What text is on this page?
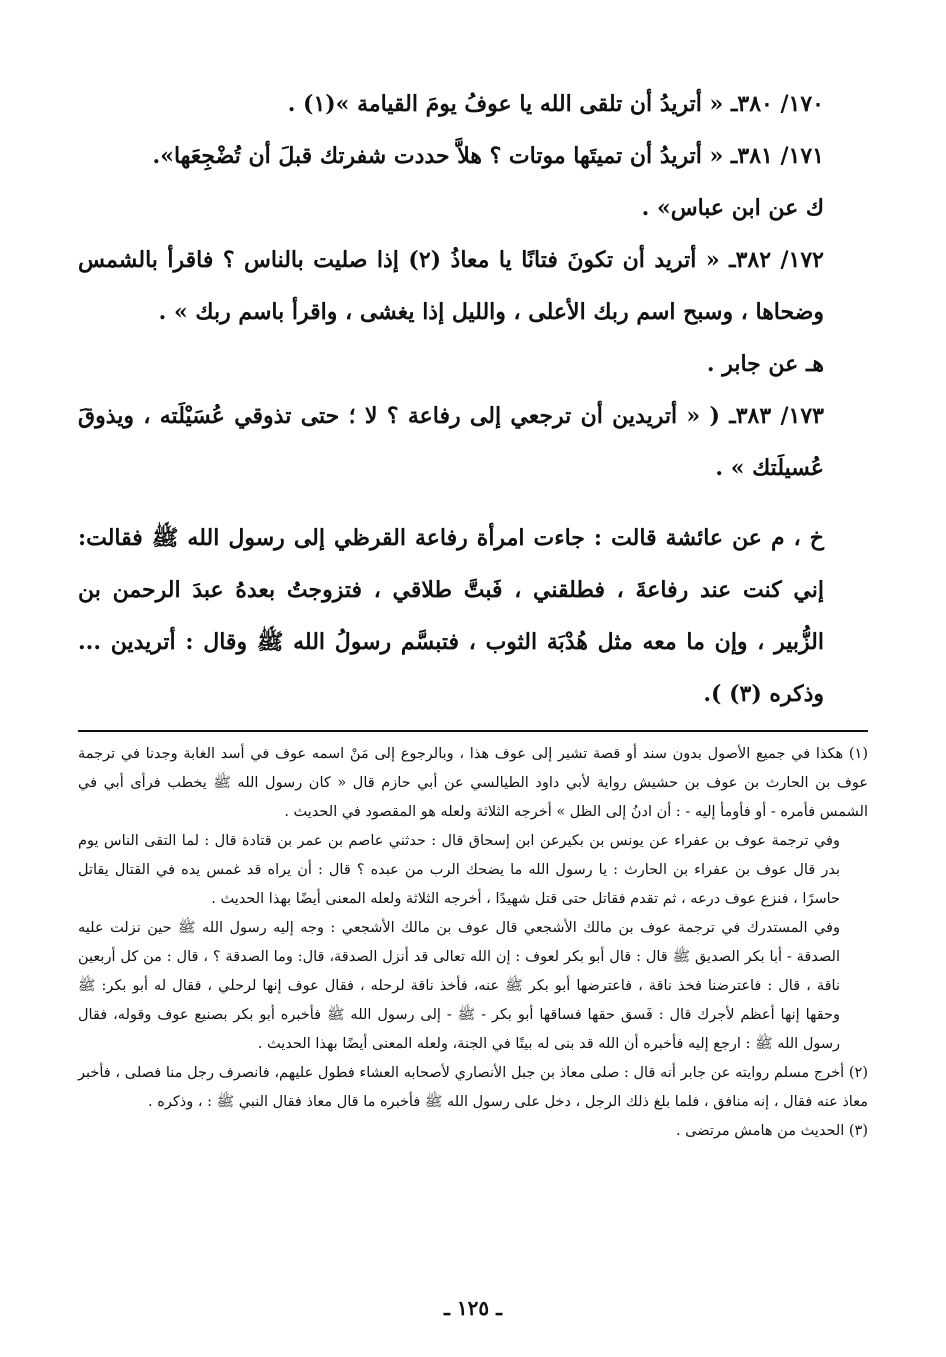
١٧٠/ ٣٨٠ـ « أتريدُ أن تلقى الله يا عوفُ يومَ القيامة »(١) .

١٧١/ ٣٨١ـ « أتريدُ أن تميتَها موتات ؟ هلاَّ حددت شفرتك قبلَ أن تُضْجِعَها».

ك عن ابن عباس» .

١٧٢/ ٣٨٢ـ « أتريد أن تكونَ فتانًا يا معاذُ (٢) إذا صليت بالناس ؟ فاقرأ بالشمس وضحاها ، وسبح اسم ربك الأعلى ، والليل إذا يغشى ، واقرأ باسم ربك » .

هـ عن جابر .

١٧٣/ ٣٨٣ـ ( « أتريدين أن ترجعي إلى رفاعة ؟ لا ؛ حتى تذوقي عُسَيْلَته ، ويذوقَ عُسيلَتك » .

خ ، م عن عائشة قالت : جاءت امرأة رفاعة القرظي إلى رسول الله ﷺ فقالت: إني كنت عند رفاعةَ ، فطلقني ، فَبتَّ طلاقي ، فتزوجتُ بعدهُ عبدَ الرحمن بن الزُّبير ، وإن ما معه مثل هُدْبَة الثوب ، فتبسَّم رسولُ الله ﷺ وقال : أتريدين ... وذكره (٣) ).

(١) هكذا في جميع الأصول بدون سند أو قصة تشير إلى عوف هذا ، وبالرجوع إلى مَنْ اسمه عوف في أسد الغابة وجدنا في ترجمة عوف بن الحارث بن عوف بن حشيش رواية لأبي داود الطيالسي عن أبي حازم قال « كان رسول الله ﷺ يخطب فرأى أبي في الشمس فأمره - أو فأومأ إليه - : أن ادنُ إلى الظل » أخرجه الثلاثة ولعله هو المقصود في الحديث .

وفي ترجمة عوف بن عفراء عن يونس بن بكيرعن ابن إسحاق قال : حدثني عاصم بن عمر بن قتادة قال : لما التقى الناس يوم بدر قال عوف بن عفراء بن الحارث : يا رسول الله ما يضحك الرب من عبده ؟ قال : أن يراه قد غمس يده في القتال يقاتل حاسرًا ، فنزع عوف درعه ، ثم تقدم فقاتل حتى قتل شهيدًا ، أخرجه الثلاثة ولعله المعنى أيضًا بهذا الحديث .

وفي المستدرك في ترجمة عوف بن مالك الأشجعي قال عوف بن مالك الأشجعي : وجه إليه رسول الله ﷺ حين نزلت عليه الصدقة - أبا بكر الصديق ﷺ قال : قال أبو بكر لعوف : إن الله تعالى قد أنزل الصدقة، قال: وما الصدقة ؟ ، قال : من كل أربعين ناقة ، قال : فاعترضنا فخذ ناقة ، فاعترضها أبو بكر ﷺ عنه، فأخذ ناقة لرحله ، فقال عوف إنها لرحلي ، فقال له أبو بكر: ﷺ وحقها إنها أعظم لأجرك قال : فَسق حقها فساقها أبو بكر - ﷺ - إلى رسول الله ﷺ فأخبره أبو بكر بصنيع عوف وقوله، فقال رسول الله ﷺ : ارجع إليه فأخبره أن الله قد بنى له بيتًا في الجنة، ولعله المعنى أيضًا بهذا الحديث .

(٢) أخرج مسلم روايته عن جابر أنه قال : صلى معاذ بن جبل الأنصاري لأصحابه العشاء فطول عليهم، فانصرف رجل منا فصلى ، فأخبر معاذ عنه فقال ، إنه منافق ، فلما بلغ ذلك الرجل ، دخل على رسول الله ﷺ فأخبره ما قال معاذ فقال النبي ﷺ : ، وذكره .

(٣) الحديث من هامش مرتضى .

ـ ١٢٥ ـ
